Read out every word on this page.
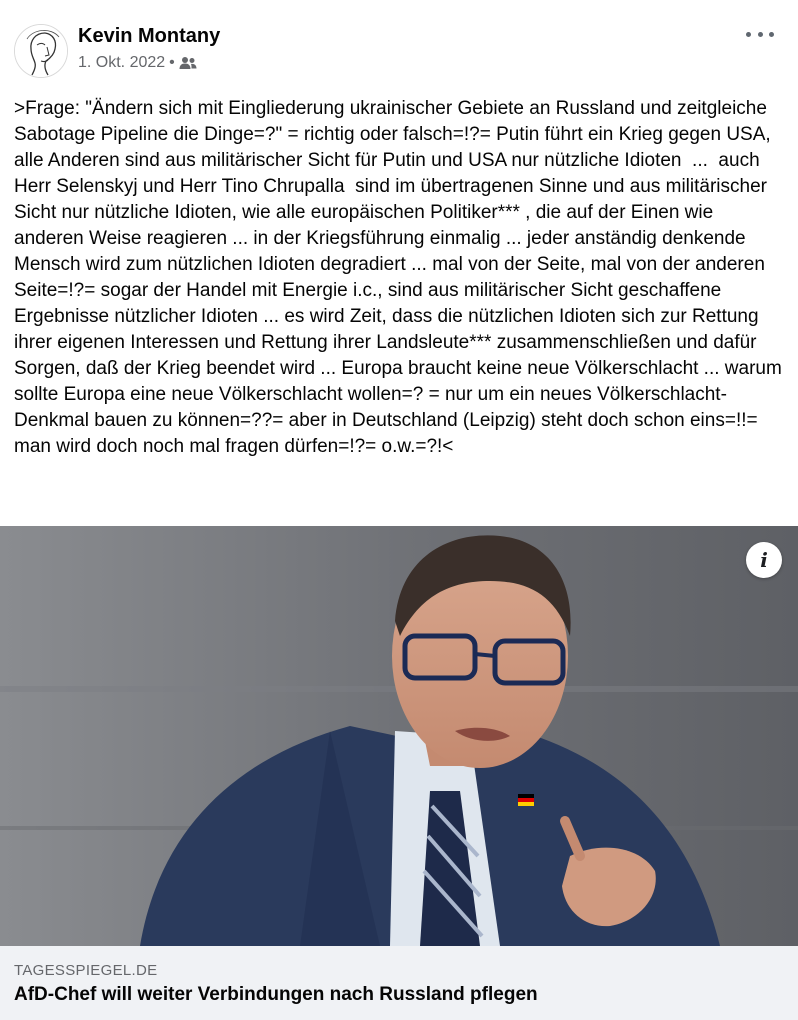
Kevin Montany
1. Okt. 2022 •
>Frage: "Ändern sich mit Eingliederung ukrainischer Gebiete an Russland und zeitgleiche Sabotage Pipeline die Dinge=?" = richtig oder falsch=!?= Putin führt ein Krieg gegen USA, alle Anderen sind aus militärischer Sicht für Putin und USA nur nützliche Idioten  ...  auch Herr Selenskyj und Herr Tino Chrupalla  sind im übertragenen Sinne und aus militärischer Sicht nur nützliche Idioten, wie alle europäischen Politiker*** , die auf der Einen wie anderen Weise reagieren ... in der Kriegsführung einmalig ... jeder anständig denkende Mensch wird zum nützlichen Idioten degradiert ... mal von der Seite, mal von der anderen Seite=!?= sogar der Handel mit Energie i.c., sind aus militärischer Sicht geschaffene Ergebnisse nützlicher Idioten ... es wird Zeit, dass die nützlichen Idioten sich zur Rettung ihrer eigenen Interessen und Rettung ihrer Landsleute*** zusammenschließen und dafür Sorgen, daß der Krieg beendet wird ... Europa braucht keine neue Völkerschlacht ... warum sollte Europa eine neue Völkerschlacht wollen=? = nur um ein neues Völkerschlacht- Denkmal bauen zu können=??= aber in Deutschland (Leipzig) steht doch schon eins=!!= man wird doch noch mal fragen dürfen=!?= o.w.=?!<
i
TAGESSPIEGEL.DE
AfD-Chef will weiter Verbindungen nach Russland pflegen
